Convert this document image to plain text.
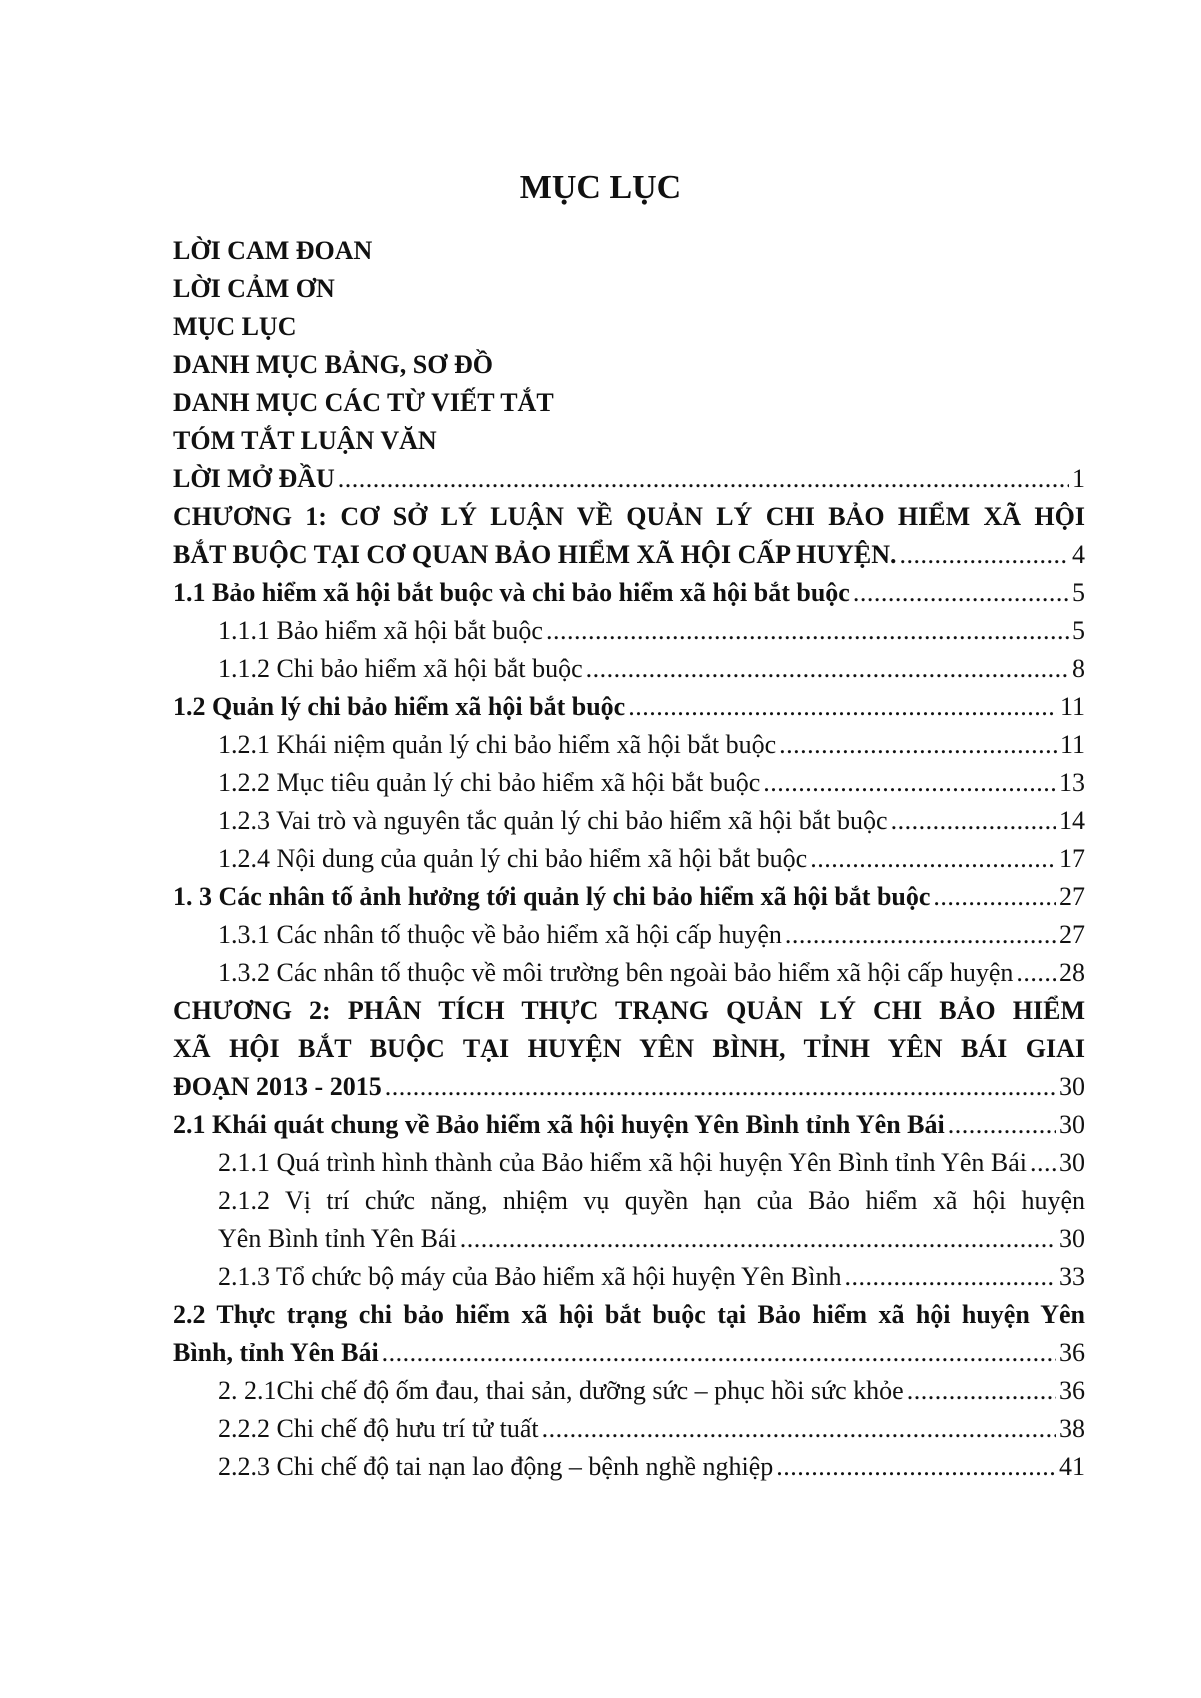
MỤC LỤC
LỜI CAM ĐOAN
LỜI CẢM ƠN
MỤC LỤC
DANH MỤC BẢNG, SƠ ĐỒ
DANH MỤC CÁC TỪ VIẾT TẮT
TÓM TẮT LUẬN VĂN
LỜI MỞ ĐẦU . . .	1
CHƯƠNG 1: CƠ SỞ LÝ LUẬN VỀ QUẢN LÝ CHI BẢO HIỂM XÃ HỘI
BẮT BUỘC TẠI CƠ QUAN BẢO HIỂM XÃ HỘI CẤP HUYỆN. . . .	4
1.1 Bảo hiểm xã hội bắt buộc và chi bảo hiểm xã hội bắt buộc . . .	5
1.1.1 Bảo hiểm xã hội bắt buộc . . .	5
1.1.2 Chi bảo hiểm xã hội bắt buộc . . .	8
1.2 Quản lý chi bảo hiểm xã hội bắt buộc . . .	11
1.2.1 Khái niệm quản lý chi bảo hiểm xã hội bắt buộc . . .	11
1.2.2 Mục tiêu quản lý chi bảo hiểm xã hội bắt buộc . . .	13
1.2.3 Vai trò và nguyên tắc quản lý chi bảo hiểm xã hội bắt buộc . . .	14
1.2.4 Nội dung của quản lý chi bảo hiểm xã hội bắt buộc . . .	17
1. 3 Các nhân tố ảnh hưởng tới quản lý chi bảo hiểm xã hội bắt buộc . . .	27
1.3.1 Các nhân tố thuộc về bảo hiểm xã hội cấp huyện . . .	27
1.3.2 Các nhân tố thuộc về môi trường bên ngoài bảo hiểm xã hội cấp huyện . . . 28
CHƯƠNG 2: PHÂN TÍCH THỰC TRẠNG QUẢN LÝ CHI BẢO HIỂM
XÃ HỘI BẮT BUỘC TẠI HUYỆN YÊN BÌNH, TỈNH YÊN BÁI GIAI
ĐOẠN 2013 - 2015 . . .	30
2.1 Khái quát chung về Bảo hiểm xã hội huyện Yên Bình tỉnh Yên Bái . . .	30
2.1.1 Quá trình hình thành của Bảo hiểm xã hội huyện Yên Bình tỉnh Yên Bái . . . 30
2.1.2 Vị trí chức năng, nhiệm vụ quyền hạn của Bảo hiểm xã hội huyện
Yên Bình tỉnh Yên Bái . . .	30
2.1.3 Tổ chức bộ máy của Bảo hiểm xã hội huyện Yên Bình . . .	33
2.2 Thực trạng chi bảo hiểm xã hội bắt buộc tại Bảo hiểm xã hội huyện Yên
Bình, tỉnh Yên Bái . . .	36
2. 2.1Chi chế độ ốm đau, thai sản, dưỡng sức – phục hồi sức khỏe . . .	36
2.2.2 Chi chế độ hưu trí tử tuất . . .	38
2.2.3 Chi chế độ tai nạn lao động – bệnh nghề nghiệp . . .	41
